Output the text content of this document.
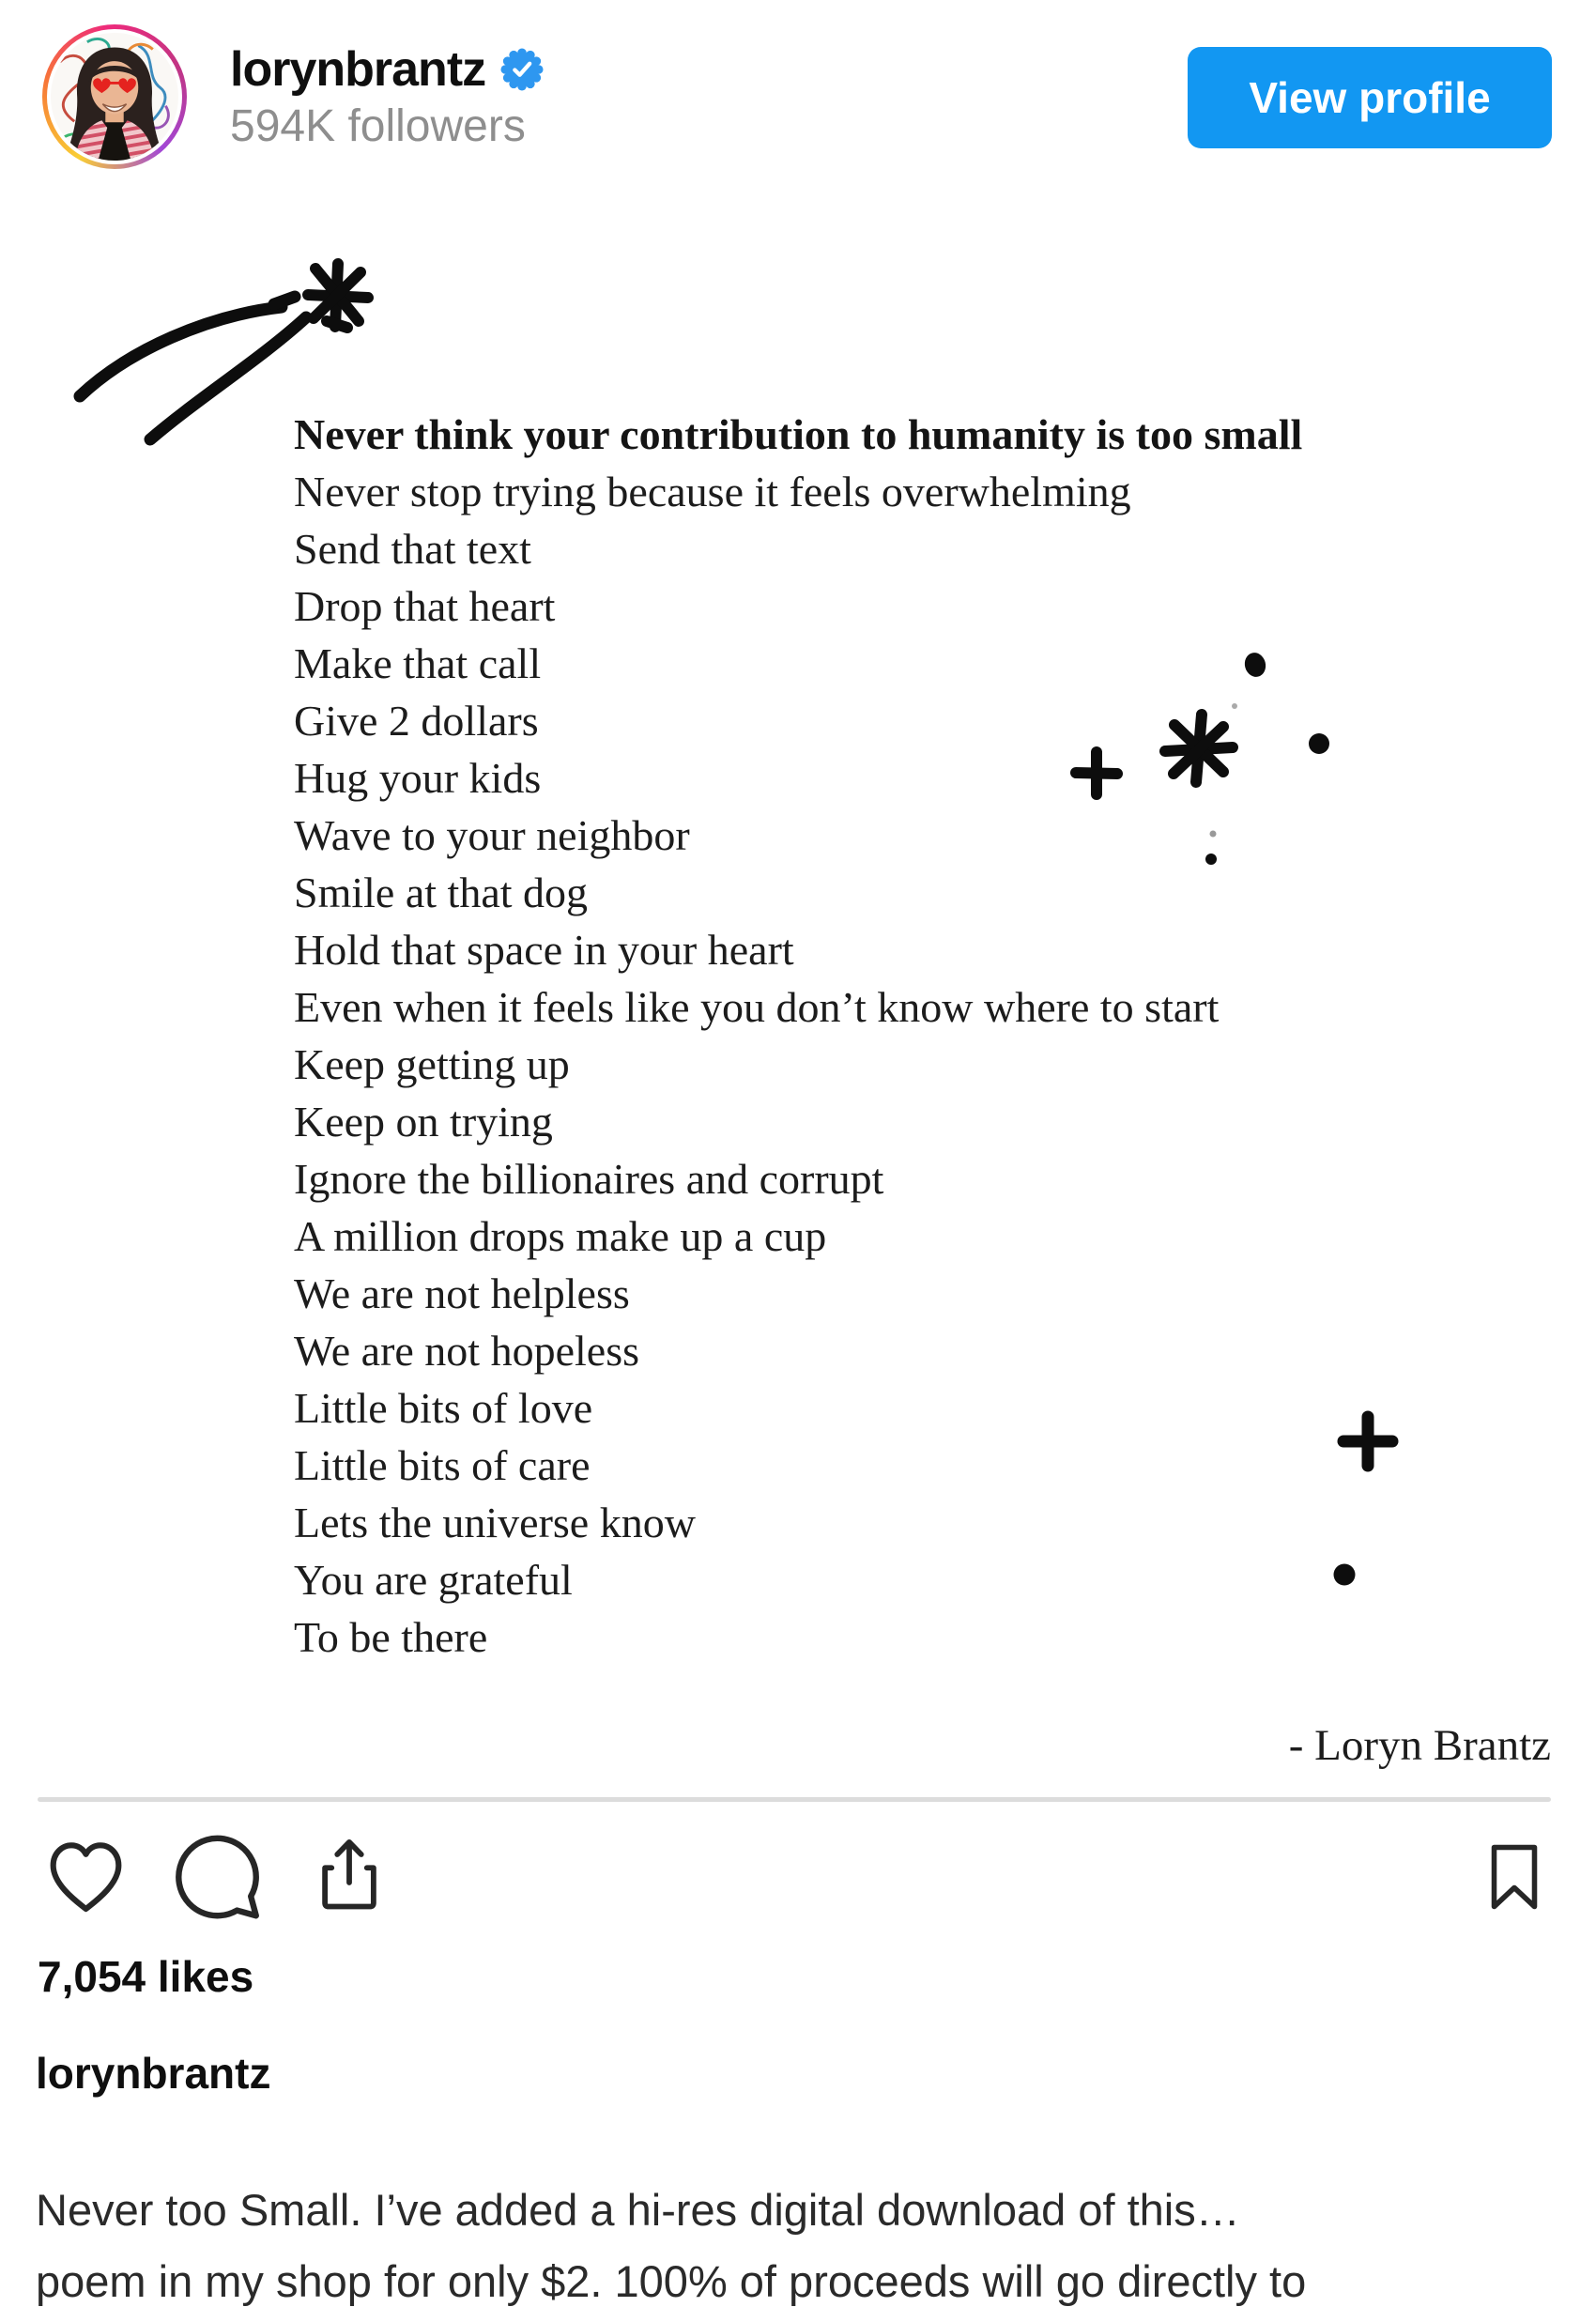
lorynbrantz
594K followers
View profile
Never think your contribution to humanity is too small
Never stop trying because it feels overwhelming
Send that text
Drop that heart
Make that call
Give 2 dollars
Hug your kids
Wave to your neighbor
Smile at that dog
Hold that space in your heart
Even when it feels like you don’t know where to start
Keep getting up
Keep on trying
Ignore the billionaires and corrupt
A million drops make up a cup
We are not helpless
We are not hopeless
Little bits of love
Little bits of care
Lets the universe know
You are grateful
To be there
- Loryn Brantz
7,054 likes
lorynbrantz
Never too Small. I’ve added a hi-res digital download of this…
poem in my shop for only $2. 100% of proceeds will go directly to
